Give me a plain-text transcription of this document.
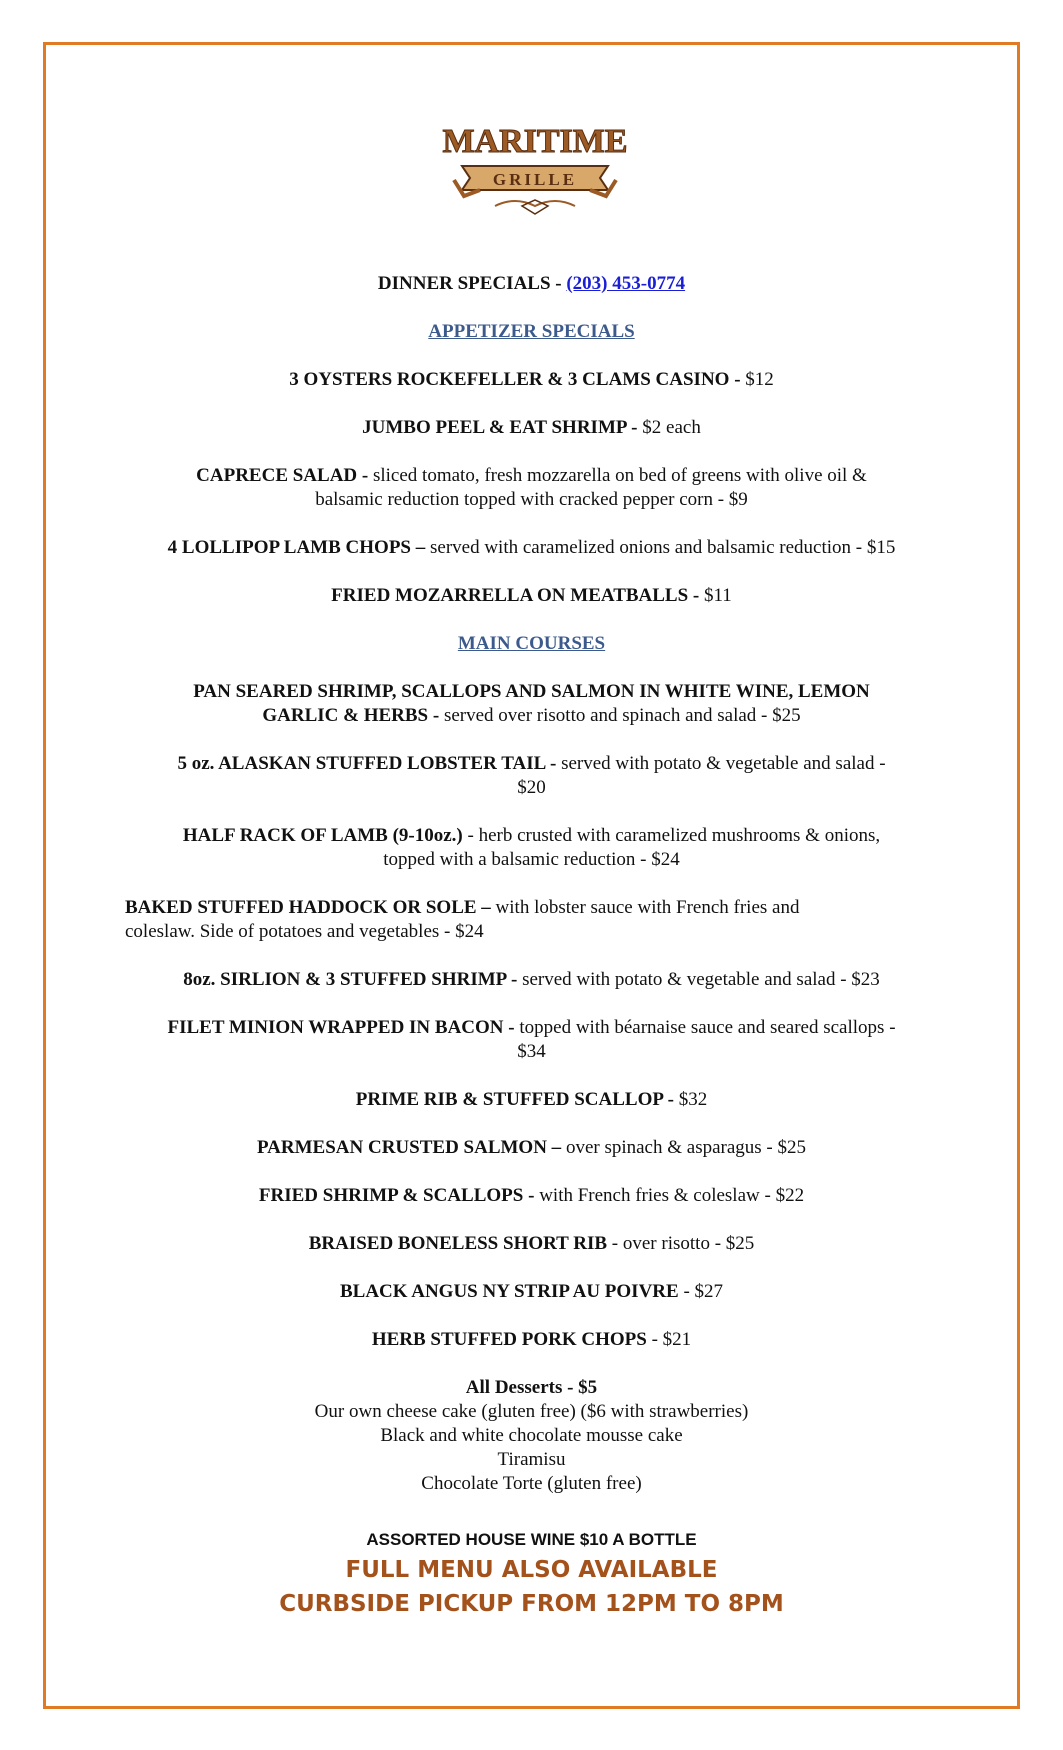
MARITIME
GRILLE
DINNER SPECIALS - (203) 453-0774
APPETIZER SPECIALS
3 OYSTERS ROCKEFELLER & 3 CLAMS CASINO - $12
JUMBO PEEL & EAT SHRIMP - $2 each
CAPRECE SALAD - sliced tomato, fresh mozzarella on bed of greens with olive oil &
balsamic reduction topped with cracked pepper corn - $9
4 LOLLIPOP LAMB CHOPS – served with caramelized onions and balsamic reduction - $15
FRIED MOZARRELLA ON MEATBALLS - $11
MAIN COURSES
PAN SEARED SHRIMP, SCALLOPS AND SALMON IN WHITE WINE, LEMON
GARLIC & HERBS - served over risotto and spinach and salad - $25
5 oz. ALASKAN STUFFED LOBSTER TAIL - served with potato & vegetable and salad -
$20
HALF RACK OF LAMB (9-10oz.) - herb crusted with caramelized mushrooms & onions,
topped with a balsamic reduction - $24
BAKED STUFFED HADDOCK OR SOLE – with lobster sauce with French fries and
coleslaw. Side of potatoes and vegetables - $24
8oz. SIRLION & 3 STUFFED SHRIMP - served with potato & vegetable and salad - $23
FILET MINION WRAPPED IN BACON - topped with béarnaise sauce and seared scallops -
$34
PRIME RIB & STUFFED SCALLOP - $32
PARMESAN CRUSTED SALMON – over spinach & asparagus - $25
FRIED SHRIMP & SCALLOPS - with French fries & coleslaw - $22
BRAISED BONELESS SHORT RIB - over risotto - $25
BLACK ANGUS NY STRIP AU POIVRE - $27
HERB STUFFED PORK CHOPS - $21
All Desserts - $5
Our own cheese cake (gluten free) ($6 with strawberries)
Black and white chocolate mousse cake
Tiramisu
Chocolate Torte (gluten free)
ASSORTED HOUSE WINE $10 A BOTTLE
FULL MENU ALSO AVAILABLE
CURBSIDE PICKUP FROM 12PM TO 8PM
